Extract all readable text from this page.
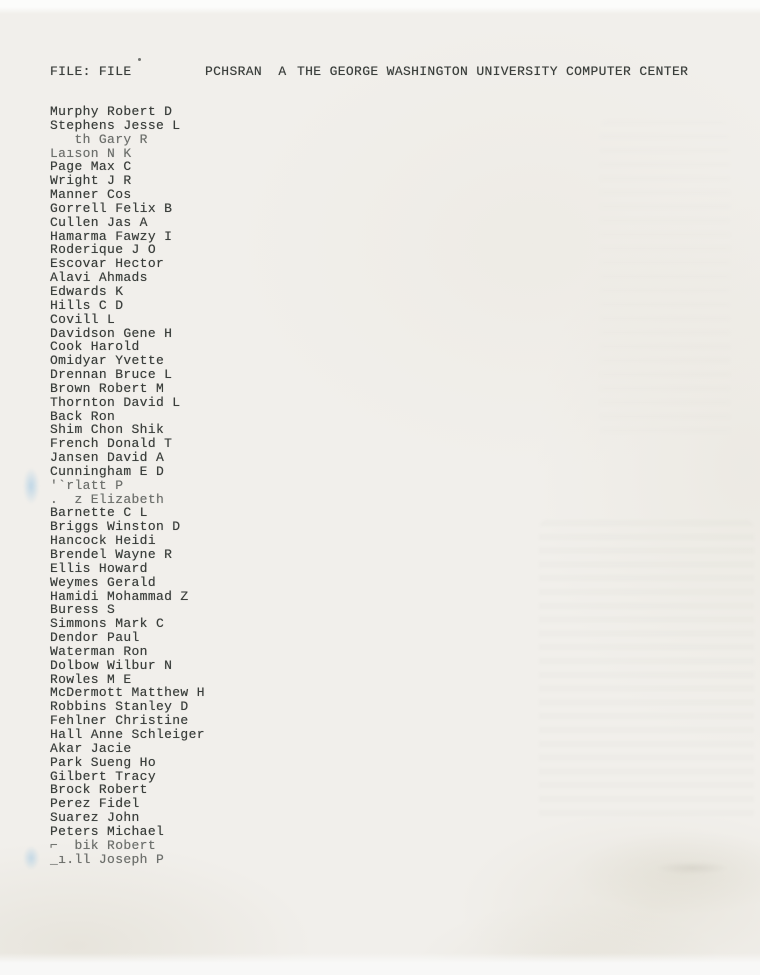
FILE: FILE

	PCHSRAN  A

THE GEORGE WASHINGTON UNIVERSITY COMPUTER CENTER

Murphy Robert D
Stephens Jesse L
th Gary R
Laıson N K
Page Max C
Wright J R
Manner Cos
Gorrell Felix B
Cullen Jas A
Hamarma Fawzy I
Roderique J O
Escovar Hector
Alavi Ahmads
Edwards K
Hills C D
Covill L
Davidson Gene H
Cook Harold
Omidyar Yvette
Drennan Bruce L
Brown Robert M
Thornton David L
Back Ron
Shim Chon Shik
French Donald T
Jansen David A
Cunningham E D
'`rlatt P
.  z Elizabeth
Barnette C L
Briggs Winston D
Hancock Heidi
Brendel Wayne R
Ellis Howard
Weymes Gerald
Hamidi Mohammad Z
Buress S
Simmons Mark C
Dendor Paul
Waterman Ron
Dolbow Wilbur N
Rowles M E
McDermott Matthew H
Robbins Stanley D
Fehlner Christine
Hall Anne Schleiger
Akar Jacie
Park Sueng Ho
Gilbert Tracy
Brock Robert
Perez Fidel
Suarez John
Peters Michael
⌐  bik Robert
_ı.ll Joseph P
